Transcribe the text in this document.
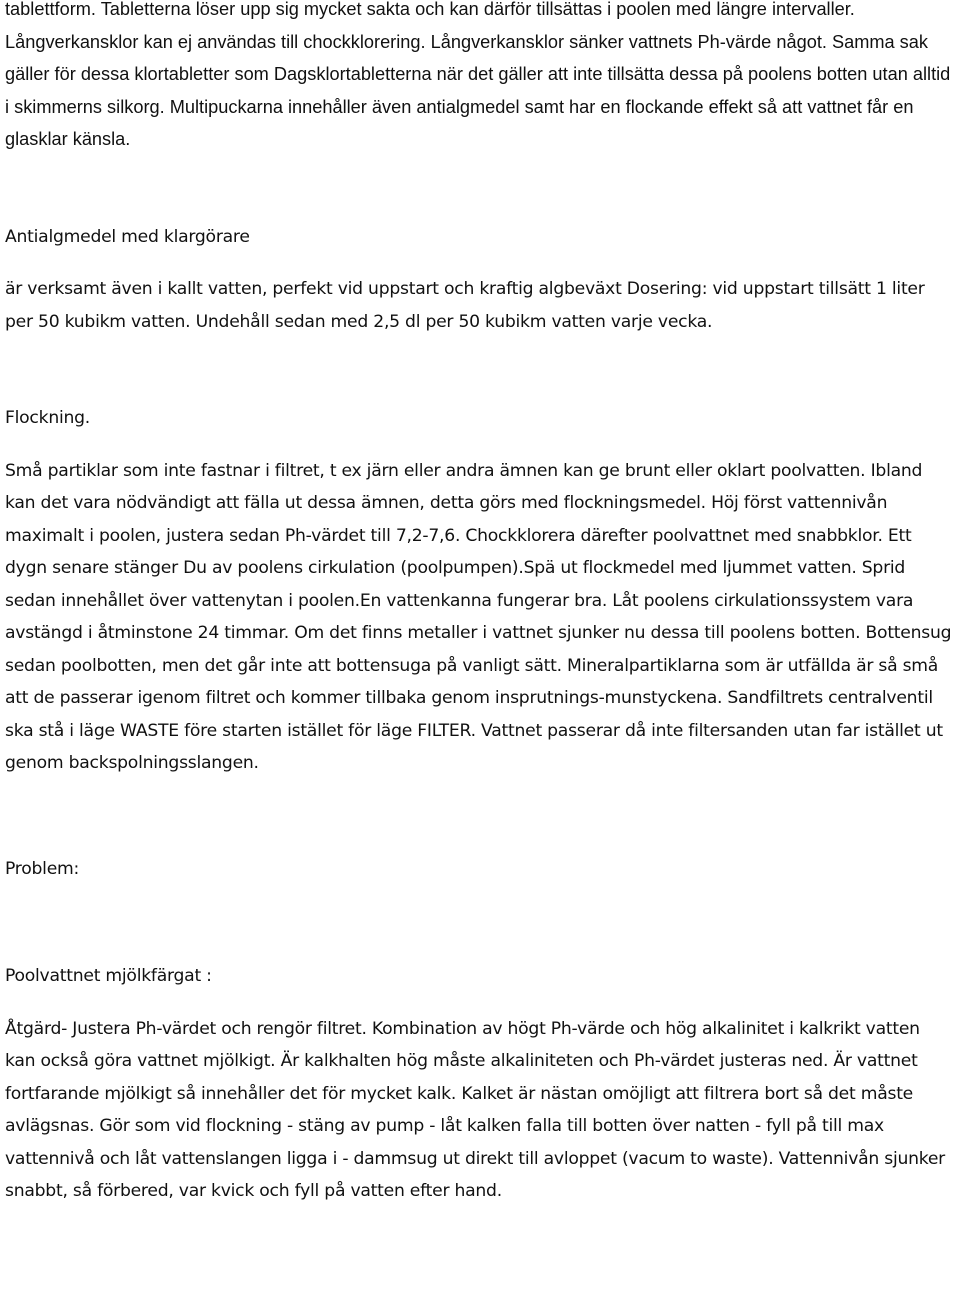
tablettform. Tabletterna löser upp sig mycket sakta och kan därför tillsättas i poolen med längre intervaller. Långverkansklor kan ej användas till chockklorering. Långverkansklor sänker vattnets Ph-värde något. Samma sak gäller för dessa klortabletter som Dagsklortabletterna när det gäller att inte tillsätta dessa på poolens botten utan alltid i skimmerns silkorg. Multipuckarna innehåller även antialgmedel samt har en flockande effekt så att vattnet får en glasklar känsla.

Antialgmedel med klargörare

är verksamt även i kallt vatten, perfekt vid uppstart och kraftig algbeväxt Dosering: vid uppstart tillsätt 1 liter per 50 kubikm vatten. Undehåll sedan med 2,5 dl per 50 kubikm vatten varje vecka.

Flockning.

Små partiklar som inte fastnar i filtret, t ex järn eller andra ämnen kan ge brunt eller oklart poolvatten. Ibland kan det vara nödvändigt att fälla ut dessa ämnen, detta görs med flockningsmedel. Höj först vattennivån maximalt i poolen, justera sedan Ph-värdet till 7,2-7,6. Chockklorera därefter poolvattnet med snabbklor. Ett dygn senare stänger Du av poolens cirkulation (poolpumpen).Spä ut flockmedel med ljummet vatten. Sprid sedan innehållet över vattenytan i poolen.En vattenkanna fungerar bra. Låt poolens cirkulationssystem vara avstängd i åtminstone 24 timmar. Om det finns metaller i vattnet sjunker nu dessa till poolens botten. Bottensug sedan poolbotten, men det går inte att bottensuga på vanligt sätt. Mineralpartiklarna som är utfällda är så små att de passerar igenom filtret och kommer tillbaka genom insprutnings-munstyckena. Sandfiltrets centralventil ska stå i läge WASTE före starten istället för läge FILTER. Vattnet passerar då inte filtersanden utan far istället ut genom backspolningsslangen.

Problem:
Poolvattnet mjölkfärgat :

Åtgärd- Justera Ph-värdet och rengör filtret. Kombination av högt Ph-värde och hög alkalinitet i kalkrikt vatten kan också göra vattnet mjölkigt. Är kalkhalten hög måste alkaliniteten och Ph-värdet justeras ned. Är vattnet fortfarande mjölkigt så innehåller det för mycket kalk. Kalket är nästan omöjligt att filtrera bort så det måste avlägsnas. Gör som vid flockning - stäng av pump - låt kalken falla till botten över natten - fyll på till max vattennivå och låt vattenslangen ligga i - dammsug ut direkt till avloppet (vacum to waste). Vattennivån sjunker snabbt, så förbered, var kvick och fyll på vatten efter hand.
